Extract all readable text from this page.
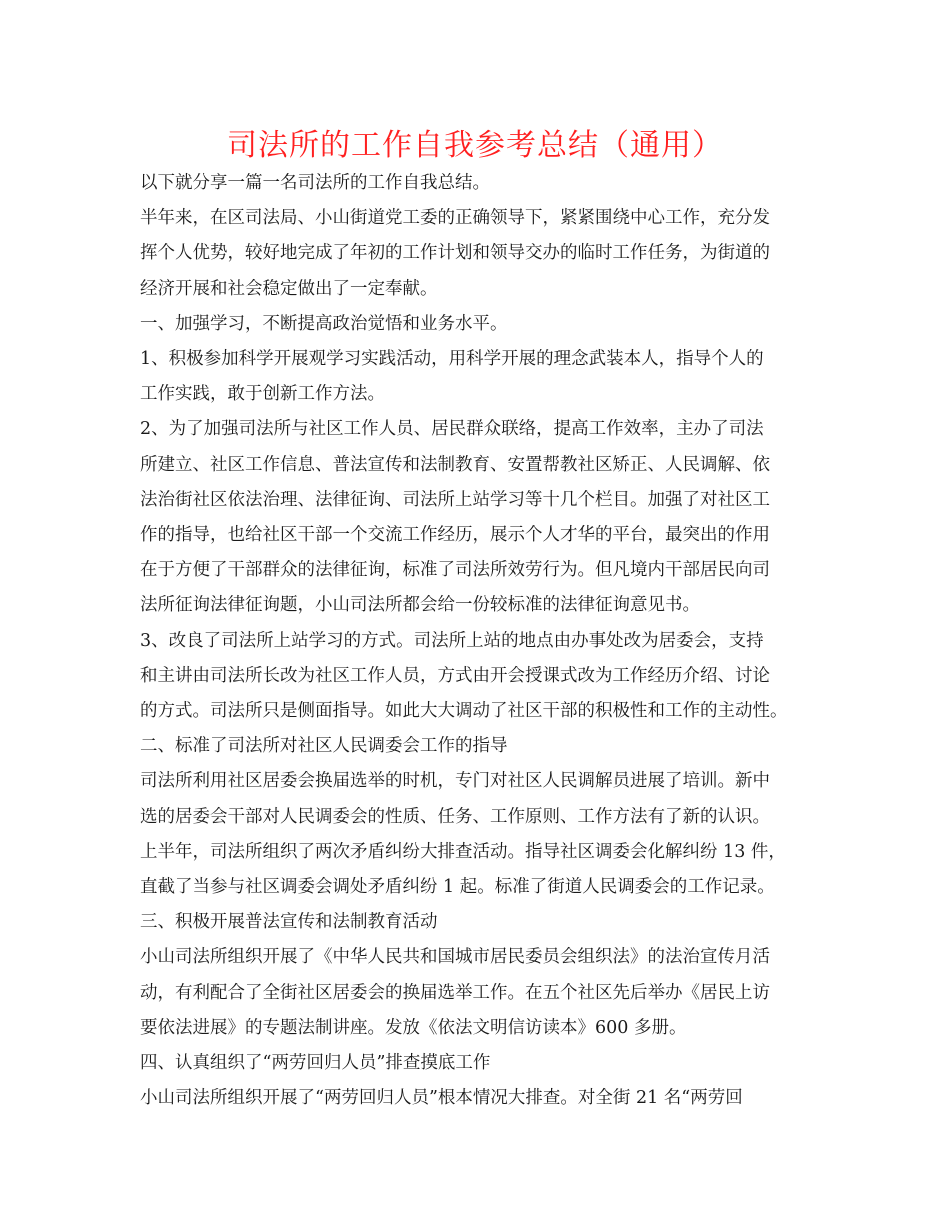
司法所的工作自我参考总结（通用）
以下就分享一篇一名司法所的工作自我总结。
半年来，在区司法局、小山街道党工委的正确领导下，紧紧围绕中心工作，充分发
挥个人优势，较好地完成了年初的工作计划和领导交办的临时工作任务，为街道的
经济开展和社会稳定做出了一定奉献。
一、加强学习，不断提高政治觉悟和业务水平。
1、积极参加科学开展观学习实践活动，用科学开展的理念武装本人，指导个人的
工作实践，敢于创新工作方法。
2、为了加强司法所与社区工作人员、居民群众联络，提高工作效率，主办了司法
所建立、社区工作信息、普法宣传和法制教育、安置帮教社区矫正、人民调解、依
法治街社区依法治理、法律征询、司法所上站学习等十几个栏目。加强了对社区工
作的指导，也给社区干部一个交流工作经历，展示个人才华的平台，最突出的作用
在于方便了干部群众的法律征询，标准了司法所效劳行为。但凡境内干部居民向司
法所征询法律征询题，小山司法所都会给一份较标准的法律征询意见书。
3、改良了司法所上站学习的方式。司法所上站的地点由办事处改为居委会，支持
和主讲由司法所长改为社区工作人员，方式由开会授课式改为工作经历介绍、讨论
的方式。司法所只是侧面指导。如此大大调动了社区干部的积极性和工作的主动性。
二、标准了司法所对社区人民调委会工作的指导
司法所利用社区居委会换届选举的时机，专门对社区人民调解员进展了培训。新中
选的居委会干部对人民调委会的性质、任务、工作原则、工作方法有了新的认识。
上半年，司法所组织了两次矛盾纠纷大排查活动。指导社区调委会化解纠纷 13 件，
直截了当参与社区调委会调处矛盾纠纷 1 起。标准了街道人民调委会的工作记录。
三、积极开展普法宣传和法制教育活动
小山司法所组织开展了《中华人民共和国城市居民委员会组织法》的法治宣传月活
动，有利配合了全街社区居委会的换届选举工作。在五个社区先后举办《居民上访
要依法进展》的专题法制讲座。发放《依法文明信访读本》600 多册。
四、认真组织了“两劳回归人员”排查摸底工作
小山司法所组织开展了“两劳回归人员”根本情况大排查。对全街 21 名“两劳回
